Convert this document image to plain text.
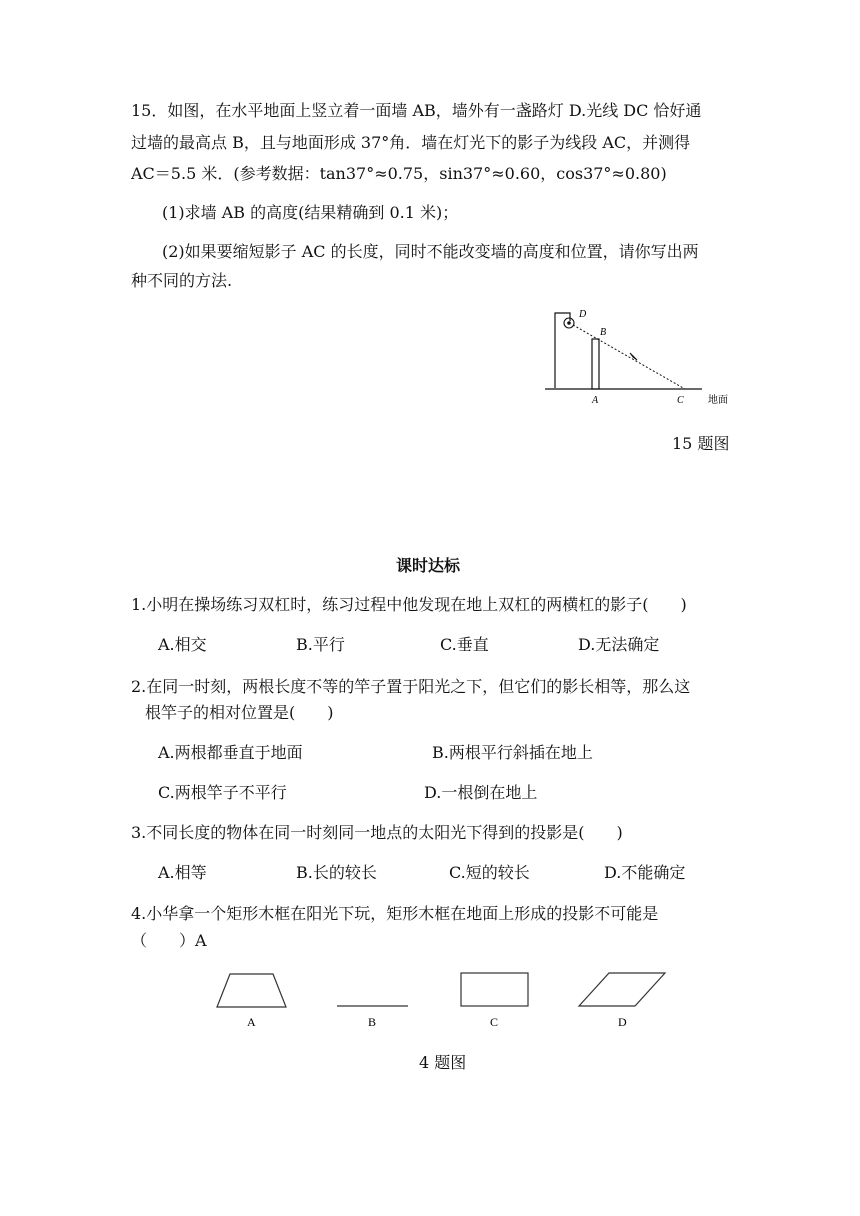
15．如图，在水平地面上竖立着一面墙 AB，墙外有一盏路灯 D.光线 DC 恰好通
过墙的最高点 B，且与地面形成 37°角．墙在灯光下的影子为线段 AC，并测得
AC＝5.5 米．(参考数据：tan37°≈0.75，sin37°≈0.60，cos37°≈0.80)
(1)求墙 AB 的高度(结果精确到 0.1 米)；
(2)如果要缩短影子 AC 的长度，同时不能改变墙的高度和位置，请你写出两
种不同的方法.
D
B
A	C 地面
15 题图
课时达标
1.小明在操场练习双杠时，练习过程中他发现在地上双杠的两横杠的影子(　　)
A.相交	B.平行	C.垂直	D.无法确定
2.在同一时刻，两根长度不等的竿子置于阳光之下，但它们的影长相等，那么这
根竿子的相对位置是(　　)
A.两根都垂直于地面	B.两根平行斜插在地上
C.两根竿子不平行	D.一根倒在地上
3.不同长度的物体在同一时刻同一地点的太阳光下得到的投影是(　　)
A.相等	B.长的较长	C.短的较长	D.不能确定
4.小华拿一个矩形木框在阳光下玩，矩形木框在地面上形成的投影不可能是
（　　）A
A	B	C	D
4 题图
